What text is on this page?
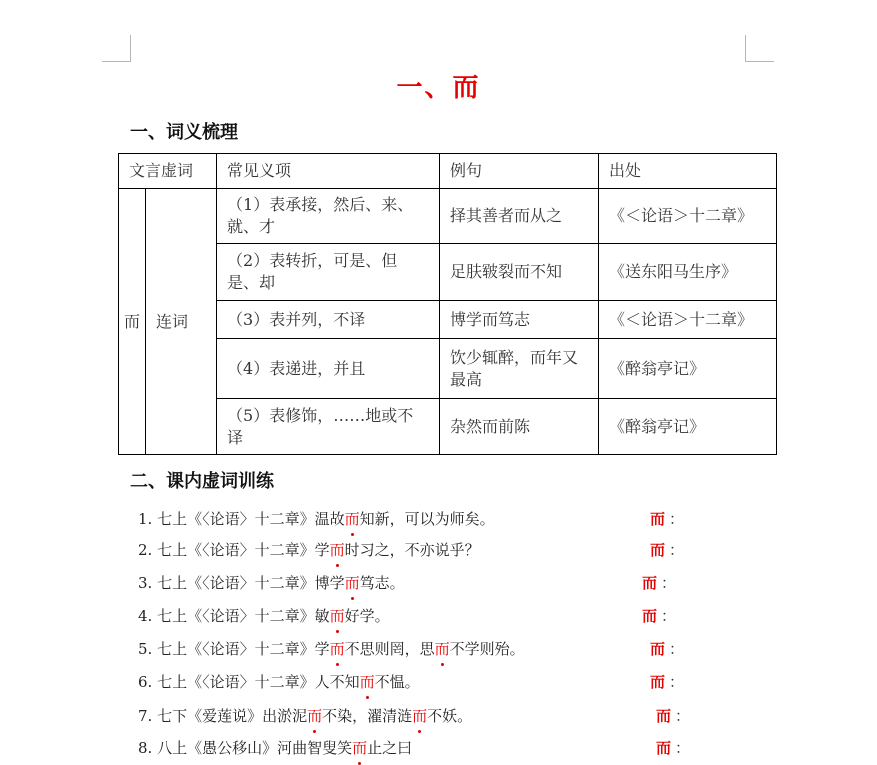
一、而
一、词义梳理
文言虚词		常见义项	例句	出处
而	连词	（1）表承接，然后、来、就、才	择其善者而从之	《＜论语＞十二章》
		（2）表转折，可是、但是、却	足肤皲裂而不知	《送东阳马生序》
		（3）表并列，不译	博学而笃志	《＜论语＞十二章》
		（4）表递进，并且	饮少辄醉，而年又最高	《醉翁亭记》
		（5）表修饰，……地或不译	杂然而前陈	《醉翁亭记》
二、课内虚词训练
1. 七上《〈论语〉十二章》温故而知新，可以为师矣。	而 ：
2. 七上《〈论语〉十二章》学而时习之，不亦说乎？	而 ：
3. 七上《〈论语〉十二章》博学而笃志。	而 ：
4. 七上《〈论语〉十二章》敏而好学。	而 ：
5. 七上《〈论语〉十二章》学而不思则罔，思而不学则殆。	而 ：
6. 七上《〈论语〉十二章》人不知而不愠。	而 ：
7. 七下《爱莲说》出淤泥而不染，濯清涟而不妖。	而 ：
8. 八上《愚公移山》河曲智叟笑而止之曰	而 ：
